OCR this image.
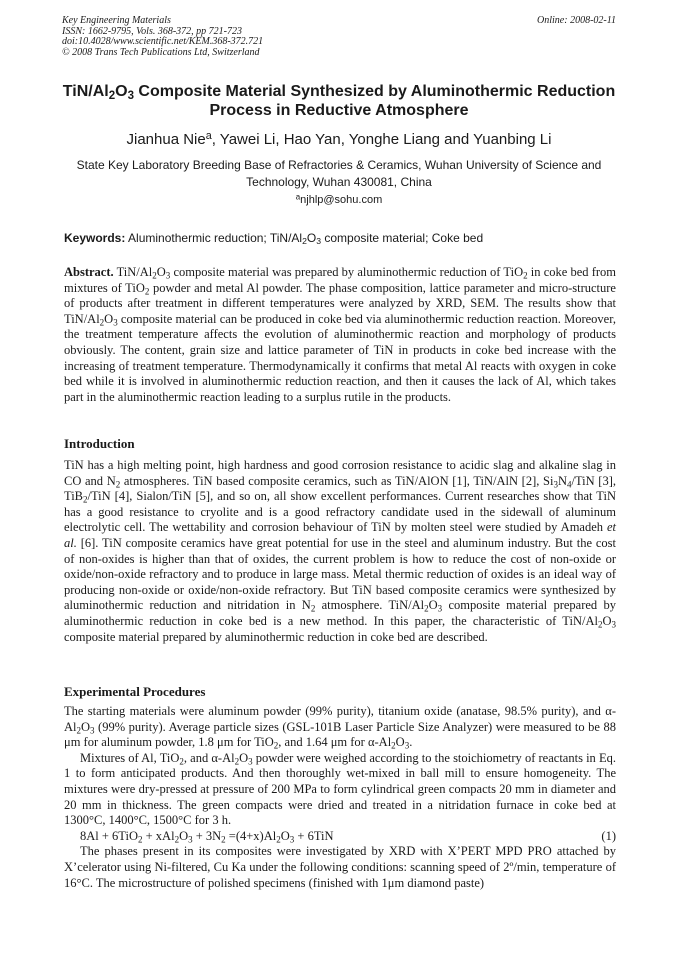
Key Engineering Materials
ISSN: 1662-9795, Vols. 368-372, pp 721-723
doi:10.4028/www.scientific.net/KEM.368-372.721
© 2008 Trans Tech Publications Ltd, Switzerland
Online: 2008-02-11
TiN/$Al_2O_3$ Composite Material Synthesized by Aluminothermic Reduction
Process in Reductive Atmosphere
Jianhua Nie$^a$, Yawei Li, Hao Yan, Yonghe Liang and Yuanbing Li
State Key Laboratory Breeding Base of Refractories & Ceramics, Wuhan University of Science and Technology, Wuhan 430081, China
$^a$njhlp@sohu.com
Keywords: Aluminothermic reduction; TiN/$Al_2O_3$ composite material; Coke bed

Abstract. TiN/$Al_2O_3$ composite material was prepared by aluminothermic reduction of TiO$_2$ in coke bed from mixtures of TiO$_2$ powder and metal Al powder. The phase composition, lattice parameter and micro-structure of products after treatment in different temperatures were analyzed by XRD, SEM. The results show that TiN/$Al_2O_3$ composite material can be produced in coke bed via aluminothermic reduction reaction. Moreover, the treatment temperature affects the evolution of aluminothermic reaction and morphology of products obviously. The content, grain size and lattice parameter of TiN in products in coke bed increase with the increasing of treatment temperature. Thermodynamically it confirms that metal Al reacts with oxygen in coke bed while it is involved in aluminothermic reduction reaction, and then it causes the lack of Al, which takes part in the aluminothermic reaction leading to a surplus rutile in the products.

Introduction

TiN has a high melting point, high hardness and good corrosion resistance to acidic slag and alkaline slag in CO and $N_2$ atmospheres. TiN based composite ceramics, such as TiN/AlON [1], TiN/AlN [2], $Si_3N_4$/TiN [3], TiB$_2$/TiN [4], Sialon/TiN [5], and so on, all show excellent performances. Current researches show that TiN has a good resistance to cryolite and is a good refractory candidate used in the sidewall of aluminum electrolytic cell. The wettability and corrosion behaviour of TiN by molten steel were studied by Amadeh et al. [6]. TiN composite ceramics have great potential for use in the steel and aluminum industry. But the cost of non-oxides is higher than that of oxides, the current problem is how to reduce the cost of non-oxide or oxide/non-oxide refractory and to produce in large mass. Metal thermic reduction of oxides is an ideal way of producing non-oxide or oxide/non-oxide refractory. But TiN based composite ceramics were synthesized by aluminothermic reduction and nitridation in $N_2$ atmosphere. TiN/$Al_2O_3$ composite material prepared by aluminothermic reduction in coke bed is a new method. In this paper, the characteristic of TiN/$Al_2O_3$ composite material prepared by aluminothermic reduction in coke bed are described.

Experimental Procedures

The starting materials were aluminum powder (99% purity), titanium oxide (anatase, 98.5% purity), and $\alpha-Al_2O_3$ (99% purity). Average particle sizes (GSL-101B Laser Particle Size Analyzer) were measured to be 88 μm for aluminum powder, 1.8 μm for TiO$_2$, and 1.64 μm for $\alpha-Al_2O_3$.

Mixtures of Al, TiO$_2$, and $\alpha-Al_2O_3$ powder were weighed according to the stoichiometry of reactants in Eq. 1 to form anticipated products. And then thoroughly wet-mixed in ball mill to ensure homogeneity. The mixtures were dry-pressed at pressure of 200 MPa to form cylindrical green compacts 20 mm in diameter and 20 mm in thickness. The green compacts were dried and treated in a nitridation furnace in coke bed at 1300°C, 1400°C, 1500°C for 3 h.

$8Al + 6TiO_2 + xAl_2O_3 + 3N_2 =(4+x)Al_2O_3 + 6TiN$	(1)

The phases present in its composites were investigated by XRD with X’PERT MPD PRO attached by X’celerator using Ni-filtered, Cu Ka under the following conditions: scanning speed of 2º/min, temperature of 16°C. The microstructure of polished specimens (finished with 1μm diamond paste)
